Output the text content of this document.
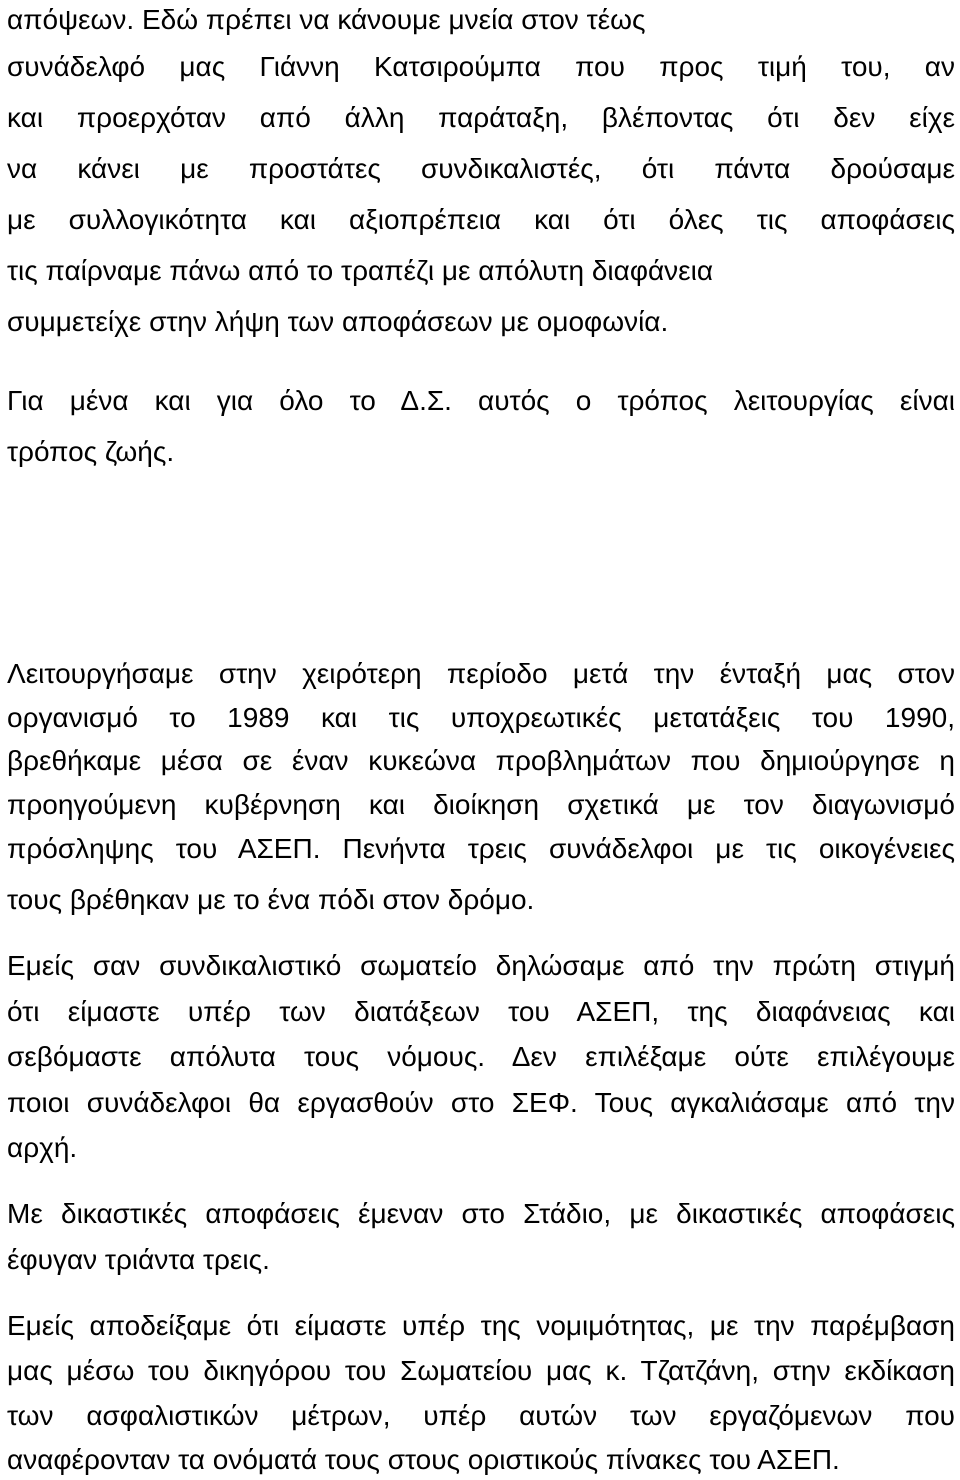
απόψεων. Εδώ πρέπει να κάνουμε μνεία στον τέως
συνάδελφό μας Γιάννη Κατσιρούμπα που προς τιμή του, αν
και προερχόταν από άλλη παράταξη, βλέποντας ότι δεν είχε
να κάνει με προστάτες συνδικαλιστές, ότι πάντα δρούσαμε
με συλλογικότητα και αξιοπρέπεια και ότι όλες τις αποφάσεις
τις παίρναμε πάνω από το τραπέζι με απόλυτη διαφάνεια
συμμετείχε στην λήψη των αποφάσεων με ομοφωνία.
Για μένα και για όλο το Δ.Σ. αυτός ο τρόπος λειτουργίας είναι
τρόπος ζωής.
Λειτουργήσαμε στην χειρότερη περίοδο μετά την ένταξή μας στον
οργανισμό το 1989 και τις υποχρεωτικές μετατάξεις του 1990,
βρεθήκαμε μέσα σε έναν κυκεώνα προβλημάτων που δημιούργησε η
προηγούμενη κυβέρνηση και διοίκηση σχετικά με τον διαγωνισμό
πρόσληψης του ΑΣΕΠ. Πενήντα τρεις συνάδελφοι με τις οικογένειες
τους βρέθηκαν με το ένα πόδι στον δρόμο.
Εμείς σαν συνδικαλιστικό σωματείο δηλώσαμε από την πρώτη στιγμή
ότι είμαστε υπέρ των διατάξεων του ΑΣΕΠ, της διαφάνειας και
σεβόμαστε απόλυτα τους νόμους. Δεν επιλέξαμε ούτε επιλέγουμε
ποιοι συνάδελφοι θα εργασθούν στο ΣΕΦ. Τους αγκαλιάσαμε από την
αρχή.
Με δικαστικές αποφάσεις έμεναν στο Στάδιο, με δικαστικές αποφάσεις
έφυγαν τριάντα τρεις.
Εμείς αποδείξαμε ότι είμαστε υπέρ της νομιμότητας, με την παρέμβαση
μας μέσω του δικηγόρου του Σωματείου μας κ. Τζατζάνη, στην εκδίκαση
των ασφαλιστικών μέτρων, υπέρ αυτών των εργαζόμενων που
αναφέρονταν τα ονόματά τους στους οριστικούς πίνακες του ΑΣΕΠ.
